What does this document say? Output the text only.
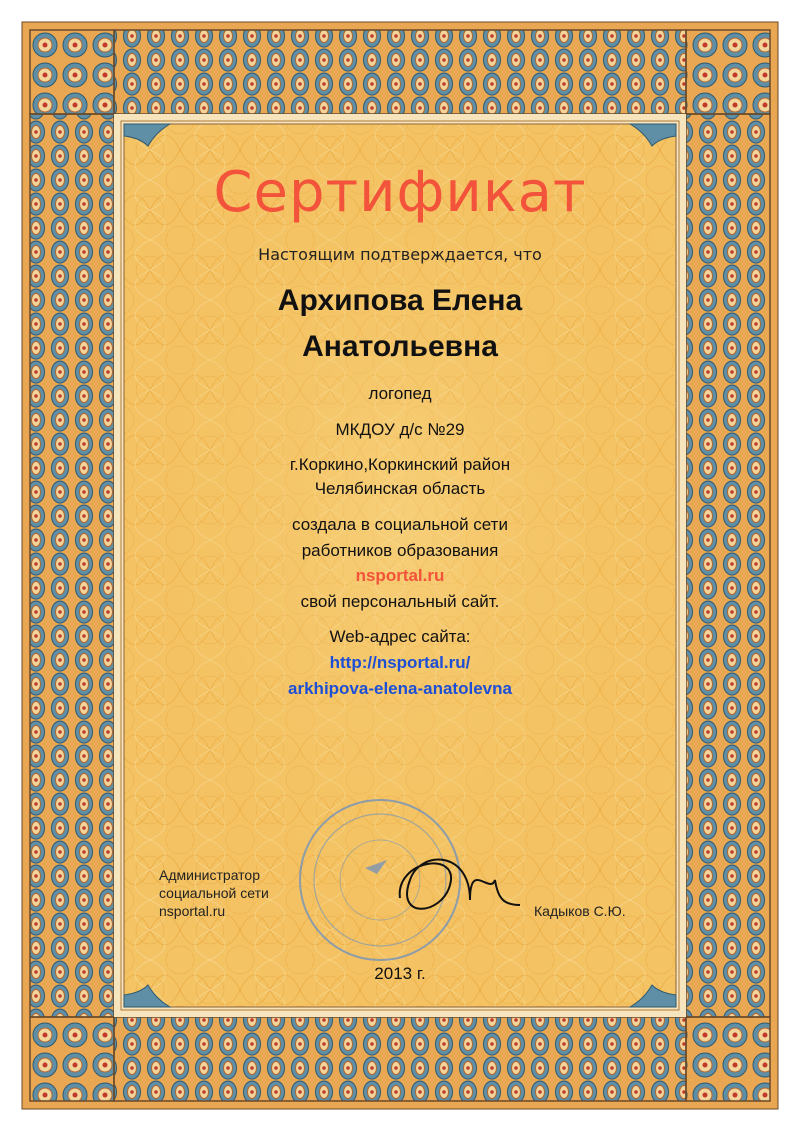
Сертификат
Настоящим подтверждается, что
Архипова Елена
Анатольевна
логопед
МКДОУ д/с №29
г.Коркино,Коркинский район
Челябинская область
создала в социальной сети
работников образования
nsportal.ru
свой персональный сайт.
Web-адрес сайта:
http://nsportal.ru/
arkhipova-elena-anatolevna
Администратор
социальной сети
nsportal.ru	Кадыков С.Ю.
2013 г.
